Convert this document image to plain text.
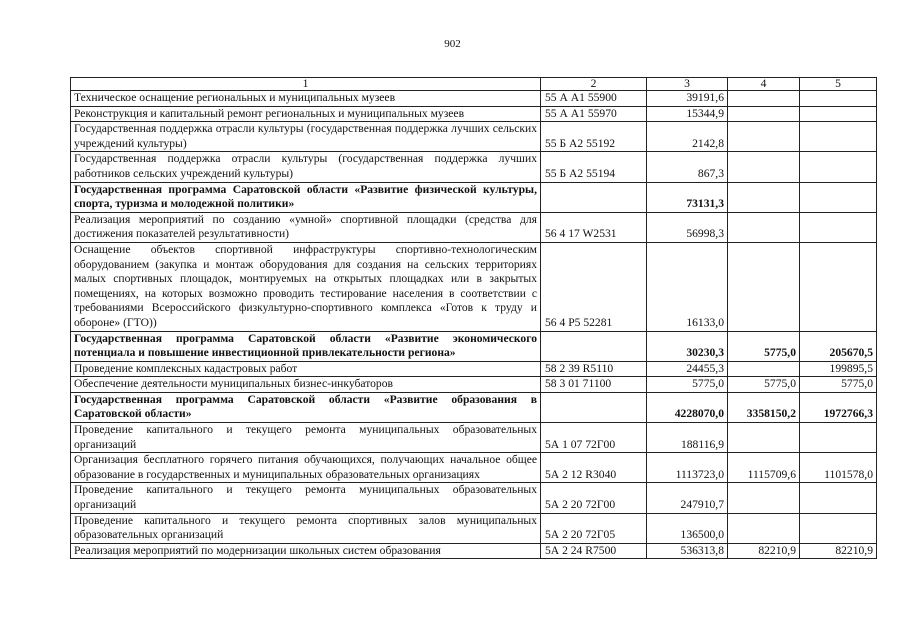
902
1	2	3	4	5
Техническое оснащение региональных и муниципальных музеев	55 А А1 55900	39191,6		
Реконструкция и капитальный ремонт региональных и муниципальных музеев	55 А А1 55970	15344,9		
Государственная поддержка отрасли культуры (государственная поддержка лучших сельских учреждений культуры)	55 Б А2 55192	2142,8		
Государственная поддержка отрасли культуры (государственная поддержка лучших работников сельских учреждений культуры)	55 Б А2 55194	867,3		
Государственная программа Саратовской области «Развитие физической культуры, спорта, туризма и молодежной политики»		73131,3		
Реализация мероприятий по созданию «умной» спортивной площадки (средства для достижения показателей результативности)	56 4 17 W2531	56998,3		
Оснащение объектов спортивной инфраструктуры спортивно-технологическим оборудованием (закупка и монтаж оборудования для создания на сельских территориях малых спортивных площадок, монтируемых на открытых площадках или в закрытых помещениях, на которых возможно проводить тестирование населения в соответствии с требованиями Всероссийского физкультурно-спортивного комплекса «Готов к труду и обороне» (ГТО))	56 4 Р5 52281	16133,0		
Государственная программа Саратовской области «Развитие экономического потенциала и повышение инвестиционной привлекательности региона»		30230,3	5775,0	205670,5
Проведение комплексных кадастровых работ	58 2 39 R5110	24455,3		199895,5
Обеспечение деятельности муниципальных бизнес-инкубаторов	58 3 01 71100	5775,0	5775,0	5775,0
Государственная программа Саратовской области «Развитие образования в Саратовской области»		4228070,0	3358150,2	1972766,3
Проведение капитального и текущего ремонта муниципальных образовательных организаций	5А 1 07 72Г00	188116,9		
Организация бесплатного горячего питания обучающихся, получающих начальное общее образование в государственных и муниципальных образовательных организациях	5А 2 12 R3040	1113723,0	1115709,6	1101578,0
Проведение капитального и текущего ремонта муниципальных образовательных организаций	5А 2 20 72Г00	247910,7		
Проведение капитального и текущего ремонта спортивных залов муниципальных образовательных организаций	5А 2 20 72Г05	136500,0		
Реализация мероприятий по модернизации школьных систем образования	5А 2 24 R7500	536313,8	82210,9	82210,9
